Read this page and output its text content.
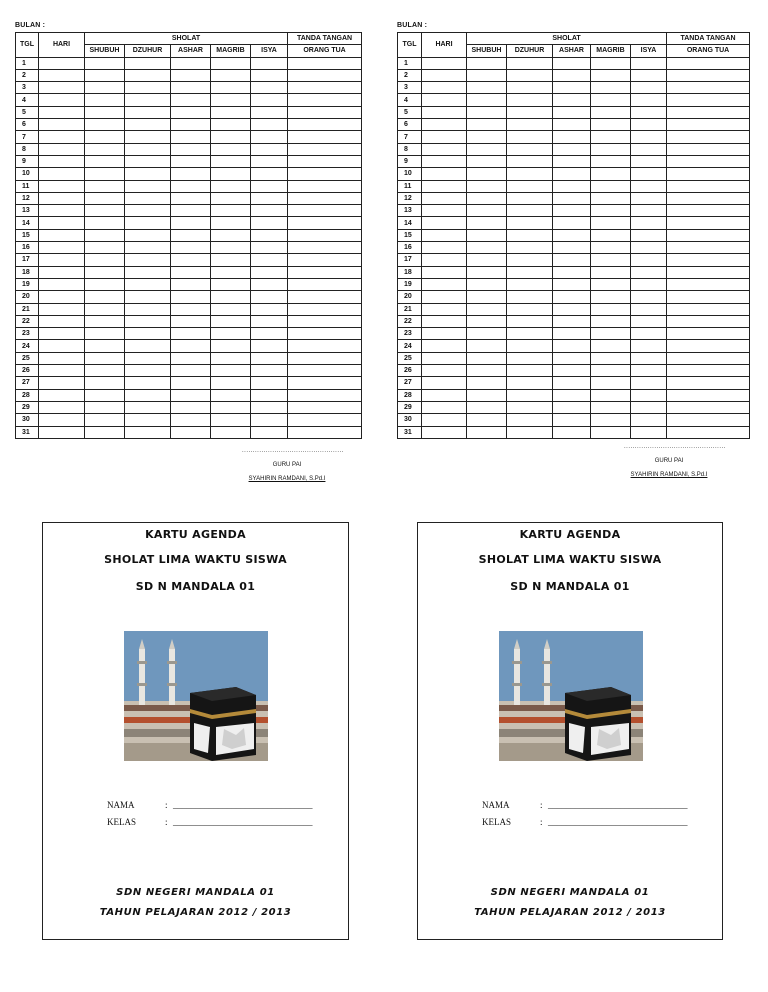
BULAN :
TGL	HARI	SHOLAT					TANDA TANGAN
		SHUBUH	DZUHUR	ASHAR	MAGRIB	ISYA	ORANG TUA
1							
2							
3							
4							
5							
6							
7							
8							
9							
10							
11							
12							
13							
14							
15							
16							
17							
18							
19							
20							
21							
22							
23							
24							
25							
26							
27							
28							
29							
30							
31							
...............................................
GURU PAI
SYAHIRIN RAMDANI, S.Pd.I
BULAN :
TGL	HARI	SHOLAT					TANDA TANGAN
		SHUBUH	DZUHUR	ASHAR	MAGRIB	ISYA	ORANG TUA
1							
2							
3							
4							
5							
6							
7							
8							
9							
10							
11							
12							
13							
14							
15							
16							
17							
18							
19							
20							
21							
22							
23							
24							
25							
26							
27							
28							
29							
30							
31							
...............................................
GURU PAI
SYAHIRIN RAMDANI, S.Pd.I
KARTU AGENDA
SHOLAT LIMA WAKTU SISWA
SD N MANDALA 01
NAMA	: _______________________________
KELAS	: _______________________________
SDN NEGERI MANDALA 01
TAHUN PELAJARAN 2012 / 2013
KARTU AGENDA
SHOLAT LIMA WAKTU SISWA
SD N MANDALA 01
NAMA	: _______________________________
KELAS	: _______________________________
SDN NEGERI MANDALA 01
TAHUN PELAJARAN 2012 / 2013
